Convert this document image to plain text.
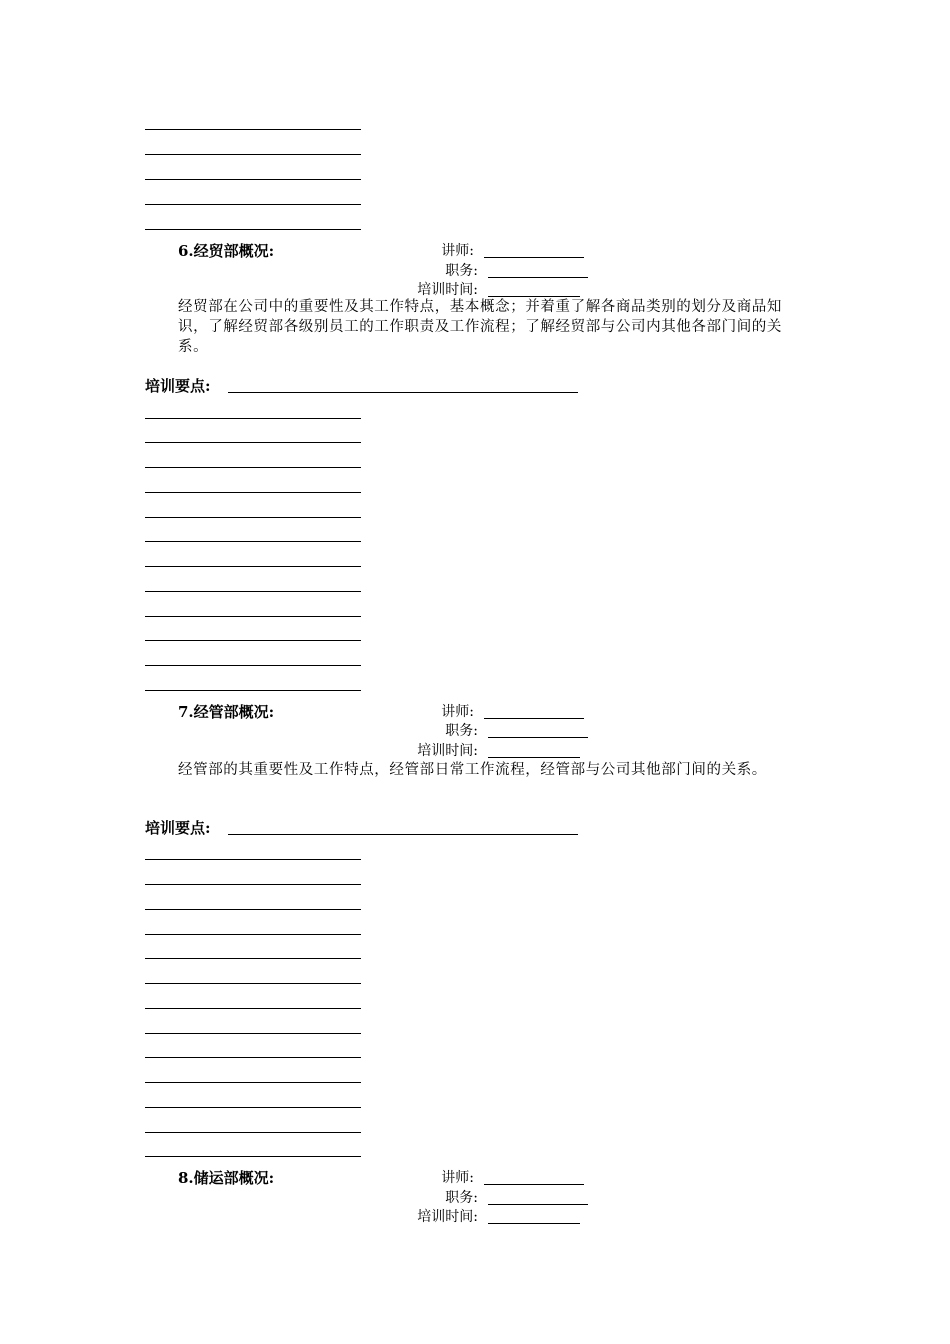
6.经贸部概况:	讲师:
职务:
培训时间:
经贸部在公司中的重要性及其工作特点，基本概念；并着重了解各商品类别的划分及商品知识，了解经贸部各级别员工的工作职责及工作流程；了解经贸部与公司内其他各部门间的关系。
培训要点:
7.经管部概况:	讲师:
职务:
培训时间:
经管部的其重要性及工作特点，经管部日常工作流程，经管部与公司其他部门间的关系。
培训要点:
8.储运部概况:	讲师:
职务:
培训时间:
